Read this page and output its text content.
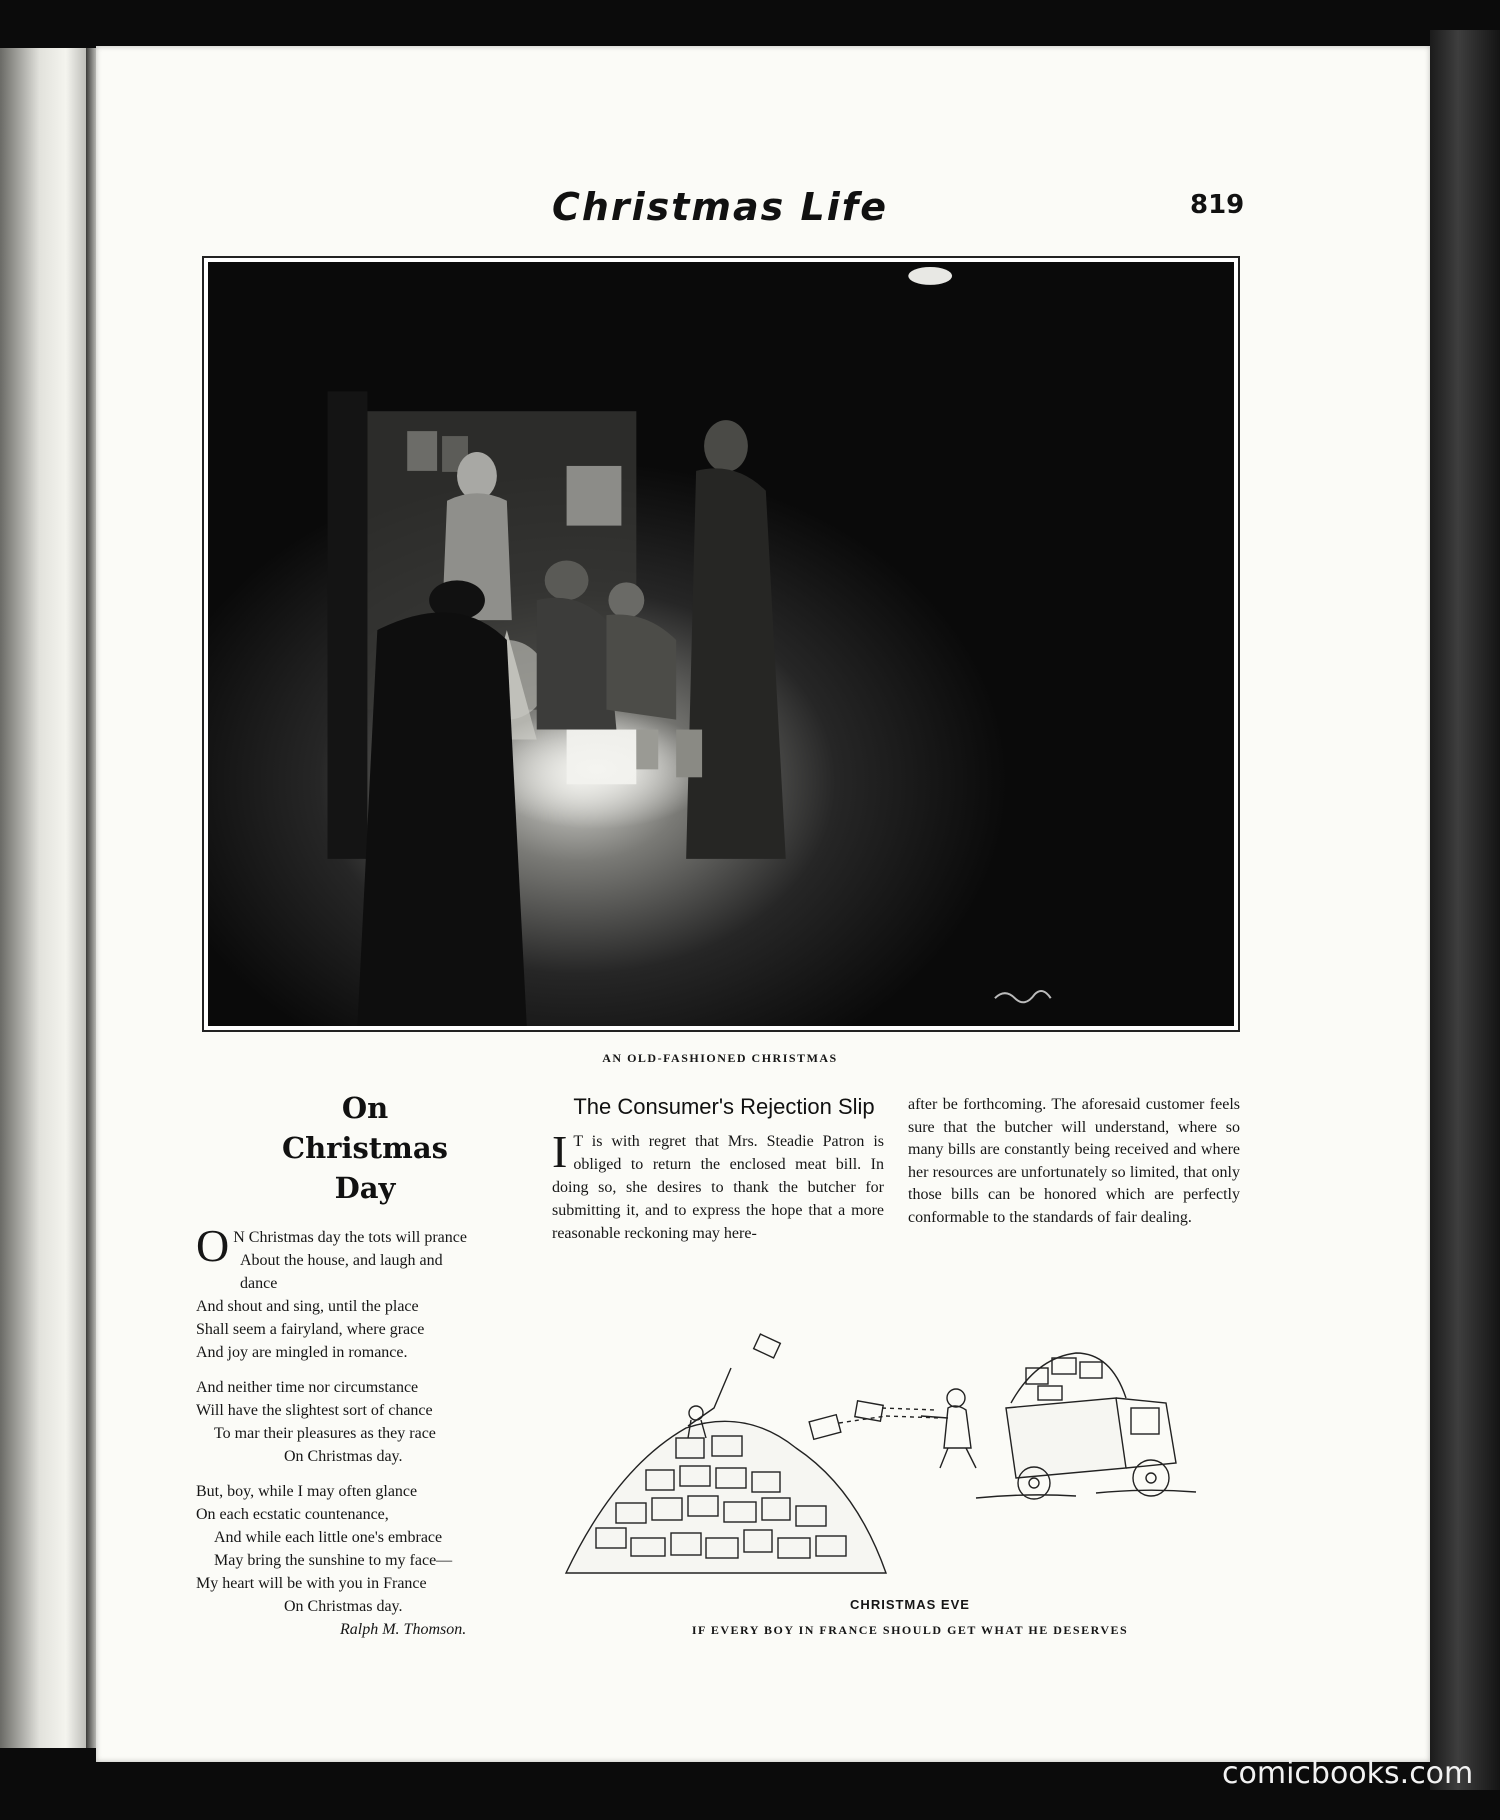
Christmas Life	819
AN OLD-FASHIONED CHRISTMAS
On
Christmas
Day
O N Christmas day the tots will prance
About the house, and laugh and
dance
And shout and sing, until the place
Shall seem a fairyland, where grace
And joy are mingled in romance.
And neither time nor circumstance
Will have the slightest sort of chance
To mar their pleasures as they race
On Christmas day.
But, boy, while I may often glance
On each ecstatic countenance,
And while each little one's embrace
May bring the sunshine to my face—
My heart will be with you in France
On Christmas day.
Ralph M. Thomson.
The Consumer's Rejection Slip
I T is with regret that Mrs. Steadie Patron is obliged to return the enclosed meat bill. In doing so, she desires to thank the butcher for submitting it, and to express the hope that a more reasonable reckoning may here-
after be forthcoming. The aforesaid customer feels sure that the butcher will understand, where so many bills are constantly being received and where her resources are unfortunately so limited, that only those bills can be honored which are perfectly conformable to the standards of fair dealing.
CHRISTMAS EVE
IF EVERY BOY IN FRANCE SHOULD GET WHAT HE DESERVES
comicbooks.com
